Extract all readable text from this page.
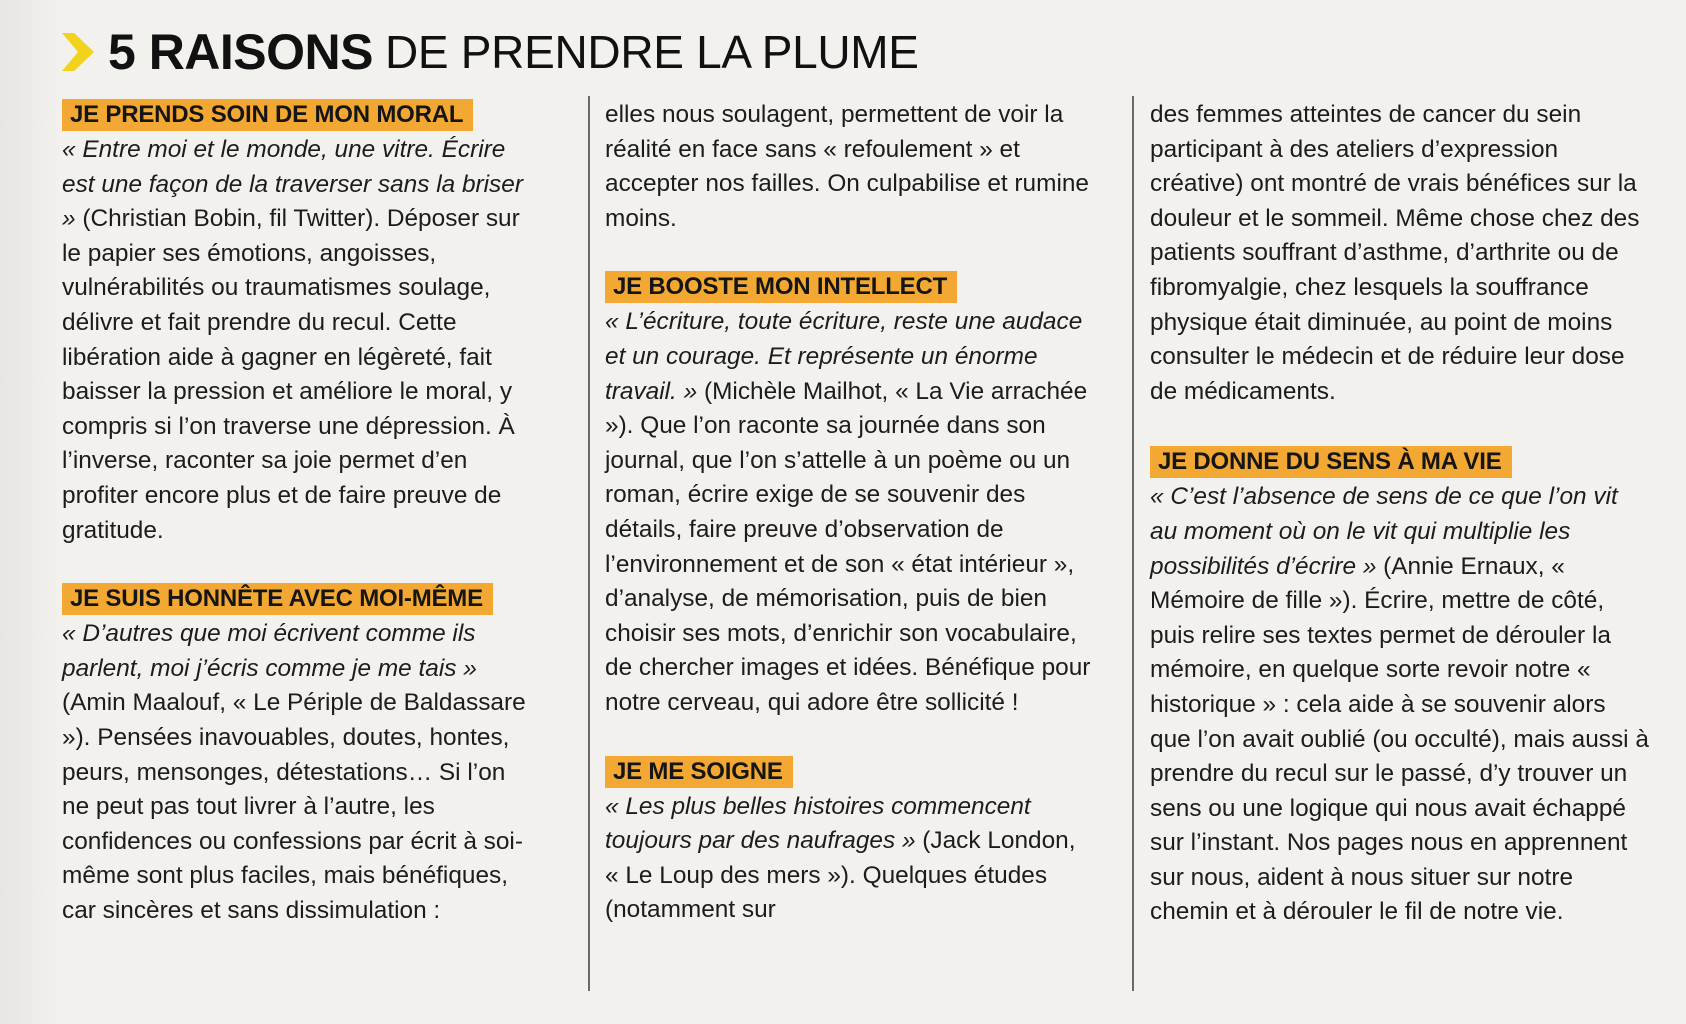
5 RAISONS DE PRENDRE LA PLUME
JE PRENDS SOIN DE MON MORAL

« Entre moi et le monde, une vitre. Écrire est une façon de la traverser sans la briser » (Christian Bobin, fil Twitter). Déposer sur le papier ses émotions, angoisses, vulnérabilités ou traumatismes soulage, délivre et fait prendre du recul. Cette libération aide à gagner en légèreté, fait baisser la pression et améliore le moral, y compris si l’on traverse une dépression. À l’inverse, raconter sa joie permet d’en profiter encore plus et de faire preuve de gratitude.

JE SUIS HONNÊTE AVEC MOI-MÊME

« D’autres que moi écrivent comme ils parlent, moi j’écris comme je me tais » (Amin Maalouf, « Le Périple de Baldassare »). Pensées inavouables, doutes, hontes, peurs, mensonges, détestations… Si l’on ne peut pas tout livrer à l’autre, les confidences ou confessions par écrit à soi-même sont plus faciles, mais bénéfiques, car sincères et sans dissimulation :

elles nous soulagent, permettent de voir la réalité en face sans « refoulement » et accepter nos failles. On culpabilise et rumine moins.

JE BOOSTE MON INTELLECT

« L’écriture, toute écriture, reste une audace et un courage. Et représente un énorme travail. » (Michèle Mailhot, « La Vie arrachée »). Que l’on raconte sa journée dans son journal, que l’on s’attelle à un poème ou un roman, écrire exige de se souvenir des détails, faire preuve d’observation de l’environnement et de son « état intérieur », d’analyse, de mémorisation, puis de bien choisir ses mots, d’enrichir son vocabulaire, de chercher images et idées. Bénéfique pour notre cerveau, qui adore être sollicité !

JE ME SOIGNE

« Les plus belles histoires commencent toujours par des naufrages » (Jack London, « Le Loup des mers »). Quelques études (notamment sur

des femmes atteintes de cancer du sein participant à des ateliers d’expression créative) ont montré de vrais bénéfices sur la douleur et le sommeil. Même chose chez des patients souffrant d’asthme, d’arthrite ou de fibromyalgie, chez lesquels la souffrance physique était diminuée, au point de moins consulter le médecin et de réduire leur dose de médicaments.

JE DONNE DU SENS À MA VIE

« C’est l’absence de sens de ce que l’on vit au moment où on le vit qui multiplie les possibilités d’écrire » (Annie Ernaux, « Mémoire de fille »). Écrire, mettre de côté, puis relire ses textes permet de dérouler la mémoire, en quelque sorte revoir notre « historique » : cela aide à se souvenir alors que l’on avait oublié (ou occulté), mais aussi à prendre du recul sur le passé, d’y trouver un sens ou une logique qui nous avait échappé sur l’instant. Nos pages nous en apprennent sur nous, aident à nous situer sur notre chemin et à dérouler le fil de notre vie.
